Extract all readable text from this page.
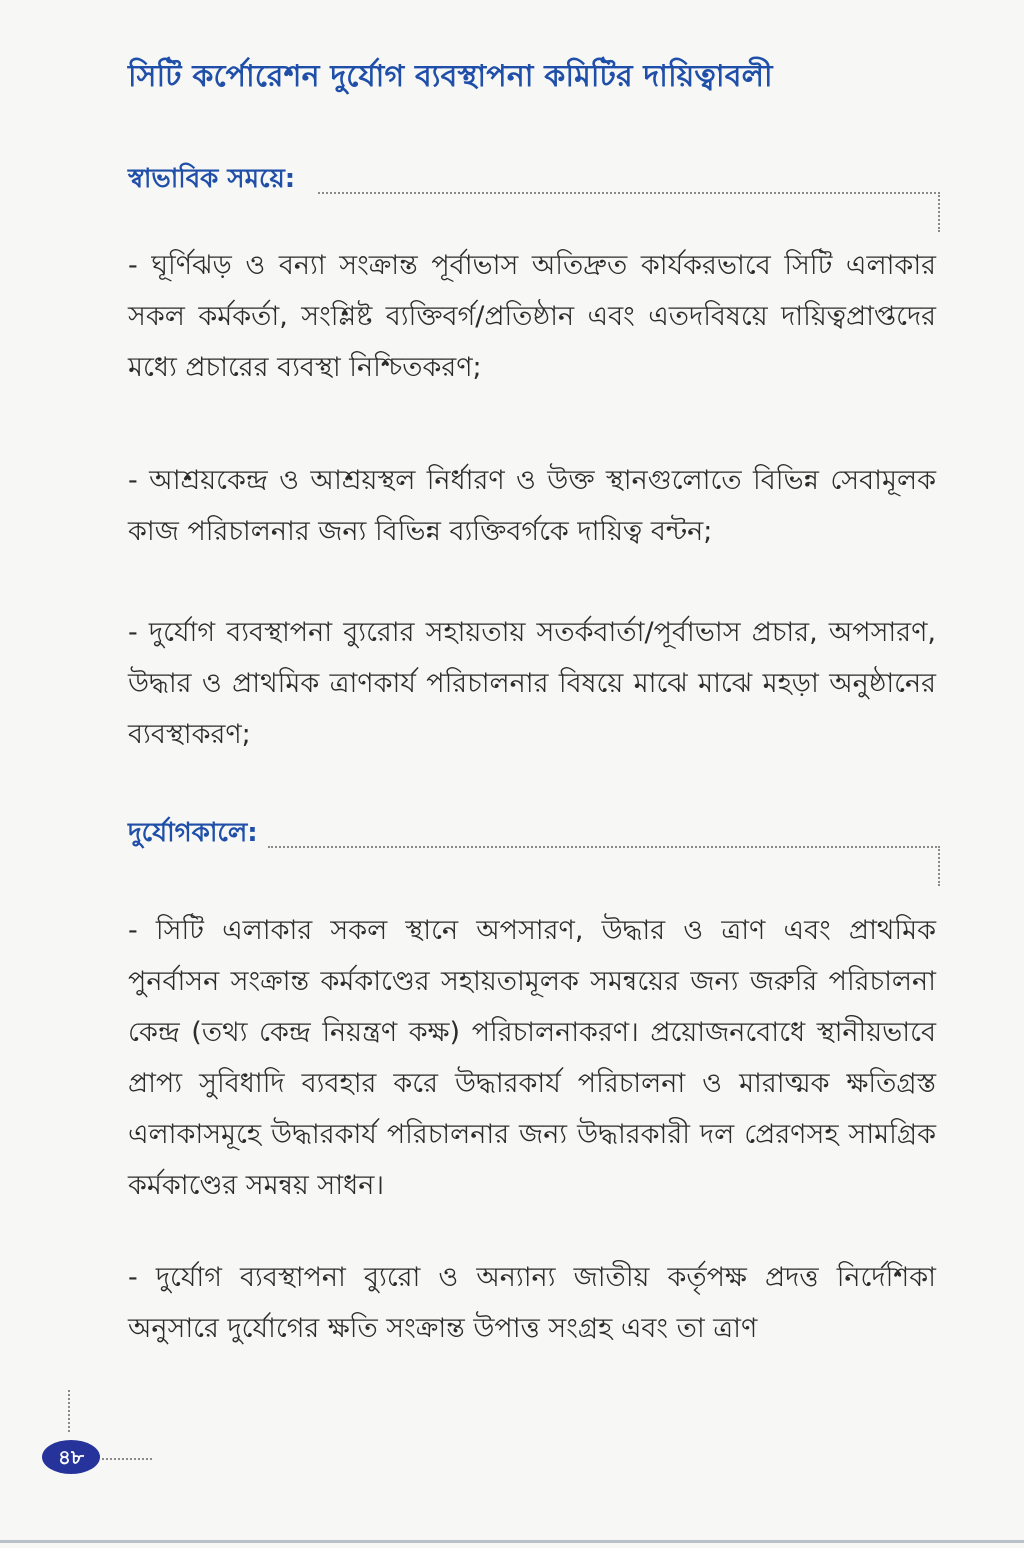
সিটি কর্পোরেশন দুর্যোগ ব্যবস্থাপনা কমিটির দায়িত্বাবলী
স্বাভাবিক সময়ে:

- ঘূর্ণিঝড় ও বন্যা সংক্রান্ত পূর্বাভাস অতিদ্রুত কার্যকরভাবে সিটি এলাকার সকল কর্মকর্তা, সংশ্লিষ্ট ব্যক্তিবর্গ/প্রতিষ্ঠান এবং এতদবিষয়ে দায়িত্বপ্রাপ্তদের মধ্যে প্রচারের ব্যবস্থা নিশ্চিতকরণ;

- আশ্রয়কেন্দ্র ও আশ্রয়স্থল নির্ধারণ ও উক্ত স্থানগুলোতে বিভিন্ন সেবামূলক কাজ পরিচালনার জন্য বিভিন্ন ব্যক্তিবর্গকে দায়িত্ব বন্টন;

- দুর্যোগ ব্যবস্থাপনা ব্যুরোর সহায়তায় সতর্কবার্তা/পূর্বাভাস প্রচার, অপসারণ, উদ্ধার ও প্রাথমিক ত্রাণকার্য পরিচালনার বিষয়ে মাঝে মাঝে মহড়া অনুষ্ঠানের ব্যবস্থাকরণ;

দুর্যোগকালে:

- সিটি এলাকার সকল স্থানে অপসারণ, উদ্ধার ও ত্রাণ এবং প্রাথমিক পুনর্বাসন সংক্রান্ত কর্মকাণ্ডের সহায়তামূলক সমন্বয়ের জন্য জরুরি পরিচালনা কেন্দ্র (তথ্য কেন্দ্র নিয়ন্ত্রণ কক্ষ) পরিচালনাকরণ। প্রয়োজনবোধে স্থানীয়ভাবে প্রাপ্য সুবিধাদি ব্যবহার করে উদ্ধারকার্য পরিচালনা ও মারাত্মক ক্ষতিগ্রস্ত এলাকাসমূহে উদ্ধারকার্য পরিচালনার জন্য উদ্ধারকারী দল প্রেরণসহ সামগ্রিক কর্মকাণ্ডের সমন্বয় সাধন।

- দুর্যোগ ব্যবস্থাপনা ব্যুরো ও অন্যান্য জাতীয় কর্তৃপক্ষ প্রদত্ত নির্দেশিকা অনুসারে দুর্যোগের ক্ষতি সংক্রান্ত উপাত্ত সংগ্রহ এবং তা ত্রাণ

৪৮
